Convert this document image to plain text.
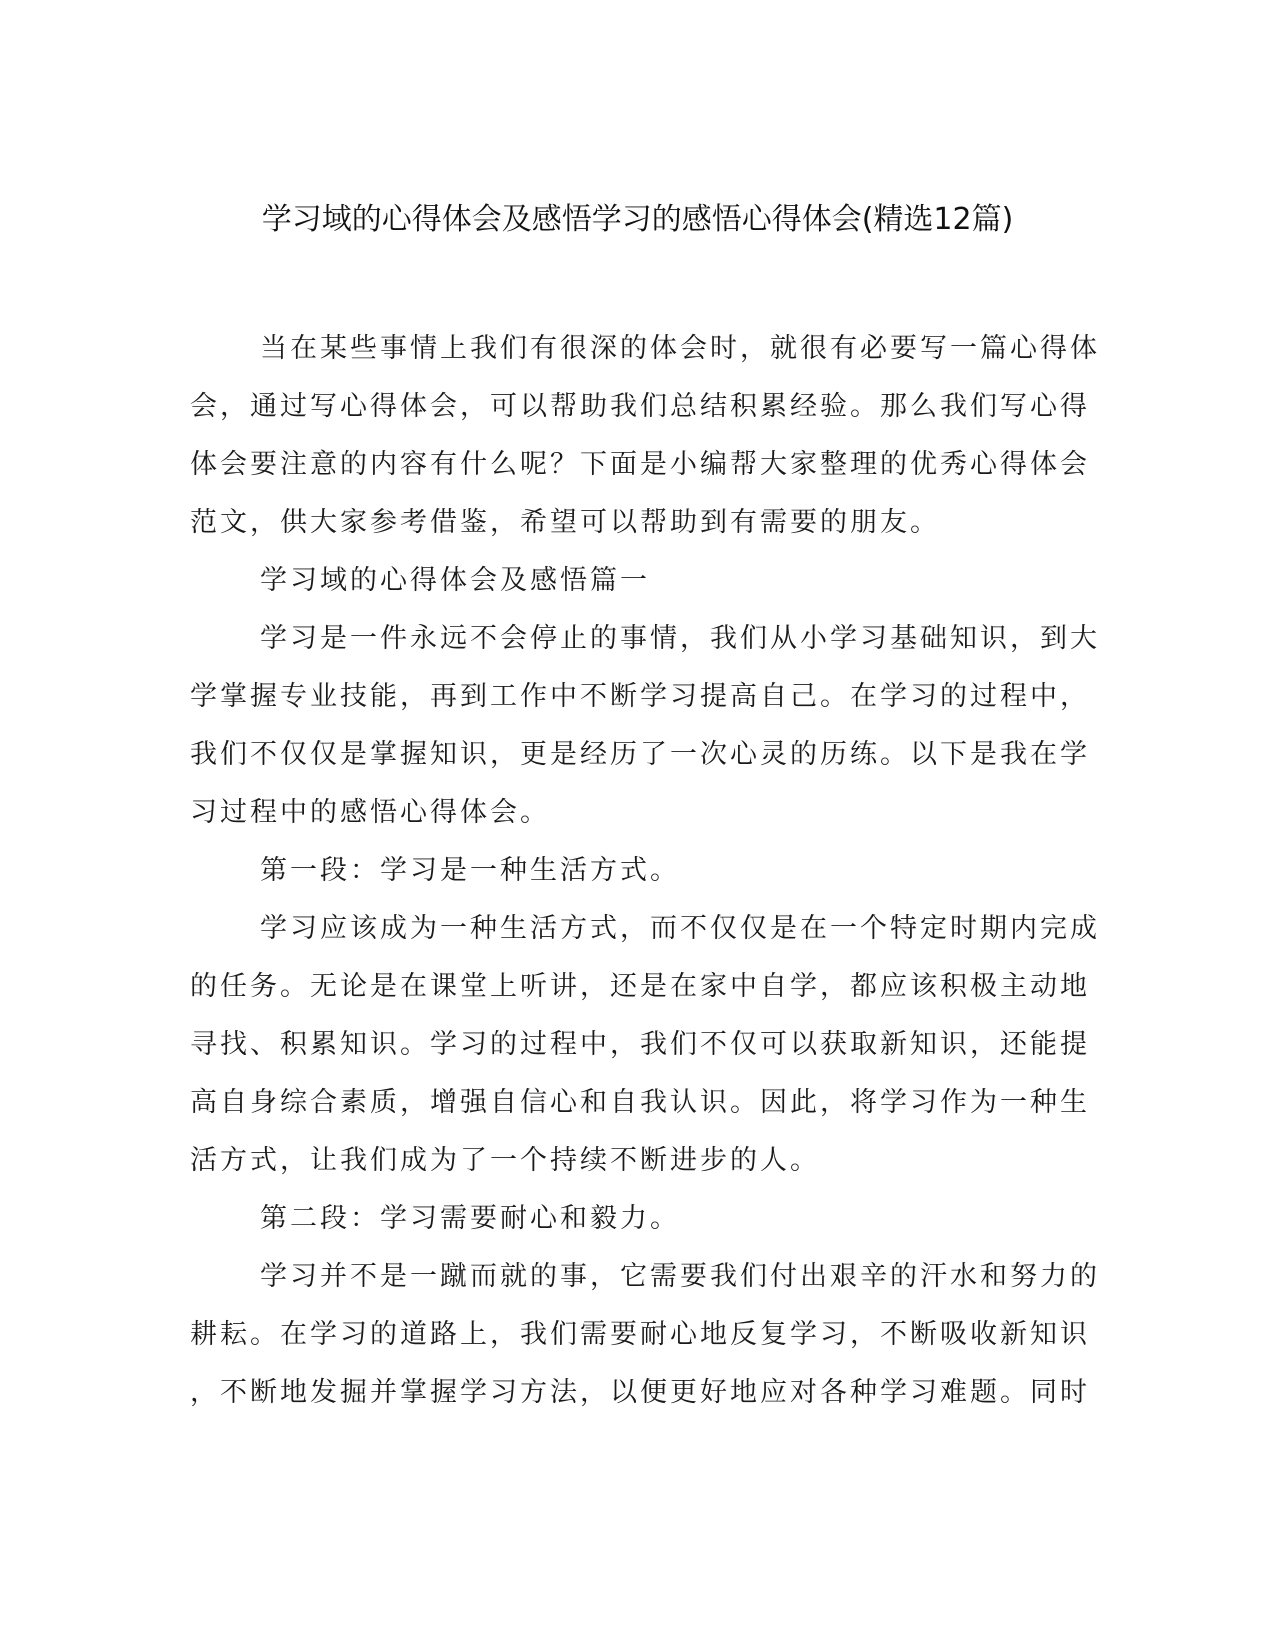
学习域的心得体会及感悟学习的感悟心得体会(精选12篇)
当在某些事情上我们有很深的体会时，就很有必要写一篇心得体
会，通过写心得体会，可以帮助我们总结积累经验。那么我们写心得
体会要注意的内容有什么呢？下面是小编帮大家整理的优秀心得体会
范文，供大家参考借鉴，希望可以帮助到有需要的朋友。
学习域的心得体会及感悟篇一
学习是一件永远不会停止的事情，我们从小学习基础知识，到大
学掌握专业技能，再到工作中不断学习提高自己。在学习的过程中，
我们不仅仅是掌握知识，更是经历了一次心灵的历练。以下是我在学
习过程中的感悟心得体会。
第一段：学习是一种生活方式。
学习应该成为一种生活方式，而不仅仅是在一个特定时期内完成
的任务。无论是在课堂上听讲，还是在家中自学，都应该积极主动地
寻找、积累知识。学习的过程中，我们不仅可以获取新知识，还能提
高自身综合素质，增强自信心和自我认识。因此，将学习作为一种生
活方式，让我们成为了一个持续不断进步的人。
第二段：学习需要耐心和毅力。
学习并不是一蹴而就的事，它需要我们付出艰辛的汗水和努力的
耕耘。在学习的道路上，我们需要耐心地反复学习，不断吸收新知识
，不断地发掘并掌握学习方法，以便更好地应对各种学习难题。同时
